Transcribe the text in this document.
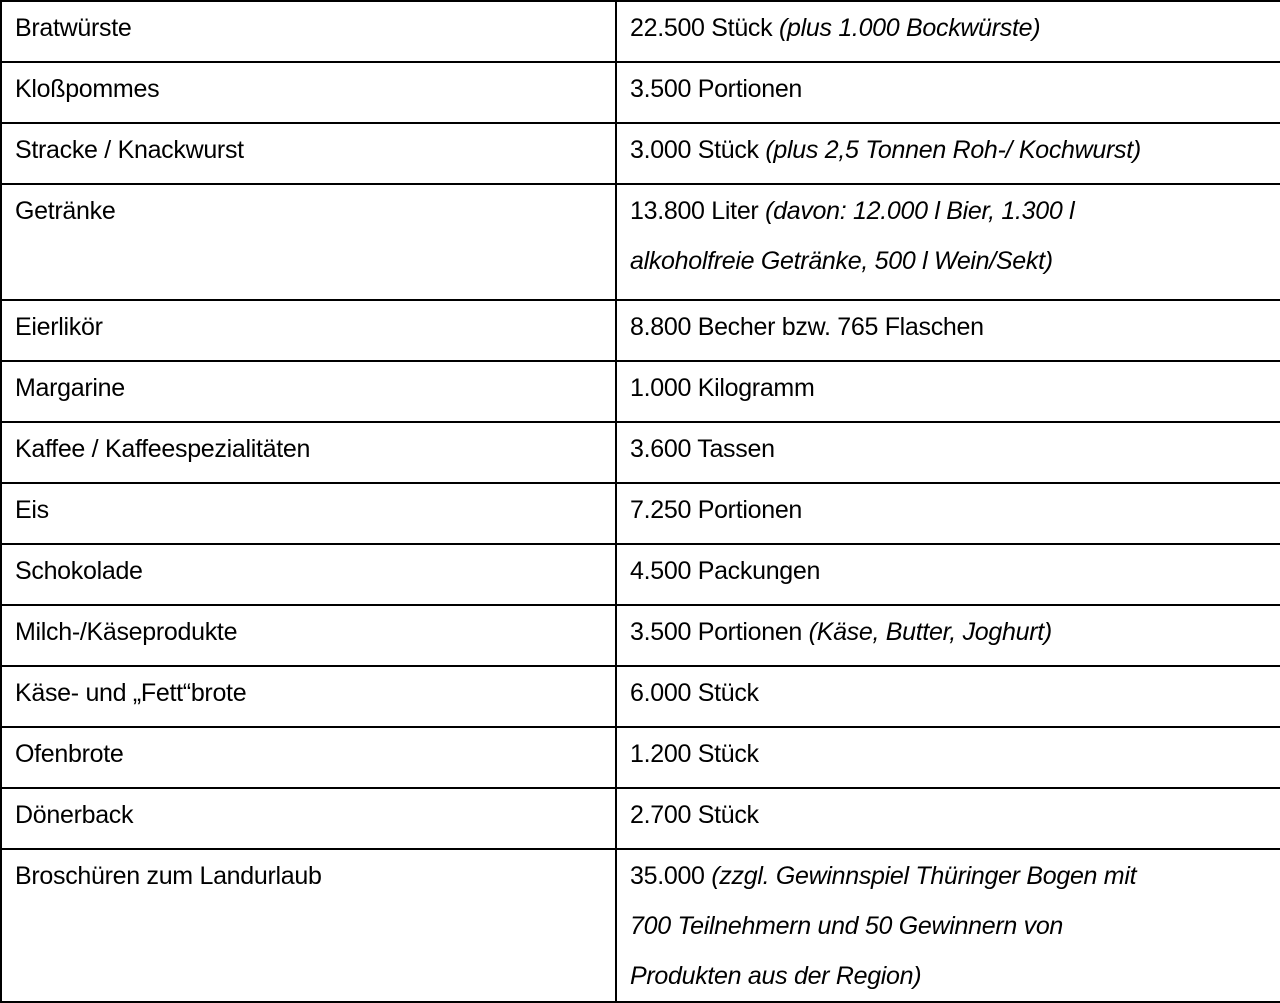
Bratwürste	22.500 Stück (plus 1.000 Bockwürste)
Kloßpommes	3.500 Portionen
Stracke / Knackwurst	3.000 Stück (plus 2,5 Tonnen Roh-/ Kochwurst)
Getränke	13.800 Liter (davon: 12.000 l Bier, 1.300 l
alkoholfreie Getränke, 500 l Wein/Sekt)
Eierlikör	8.800 Becher bzw. 765 Flaschen
Margarine	1.000 Kilogramm
Kaffee / Kaffeespezialitäten	3.600 Tassen
Eis	7.250 Portionen
Schokolade	4.500 Packungen
Milch-/Käseprodukte	3.500 Portionen (Käse, Butter, Joghurt)
Käse- und „Fett“brote	6.000 Stück
Ofenbrote	1.200 Stück
Dönerback	2.700 Stück
Broschüren zum Landurlaub	35.000 (zzgl. Gewinnspiel Thüringer Bogen mit
700 Teilnehmern und 50 Gewinnern von
Produkten aus der Region)
